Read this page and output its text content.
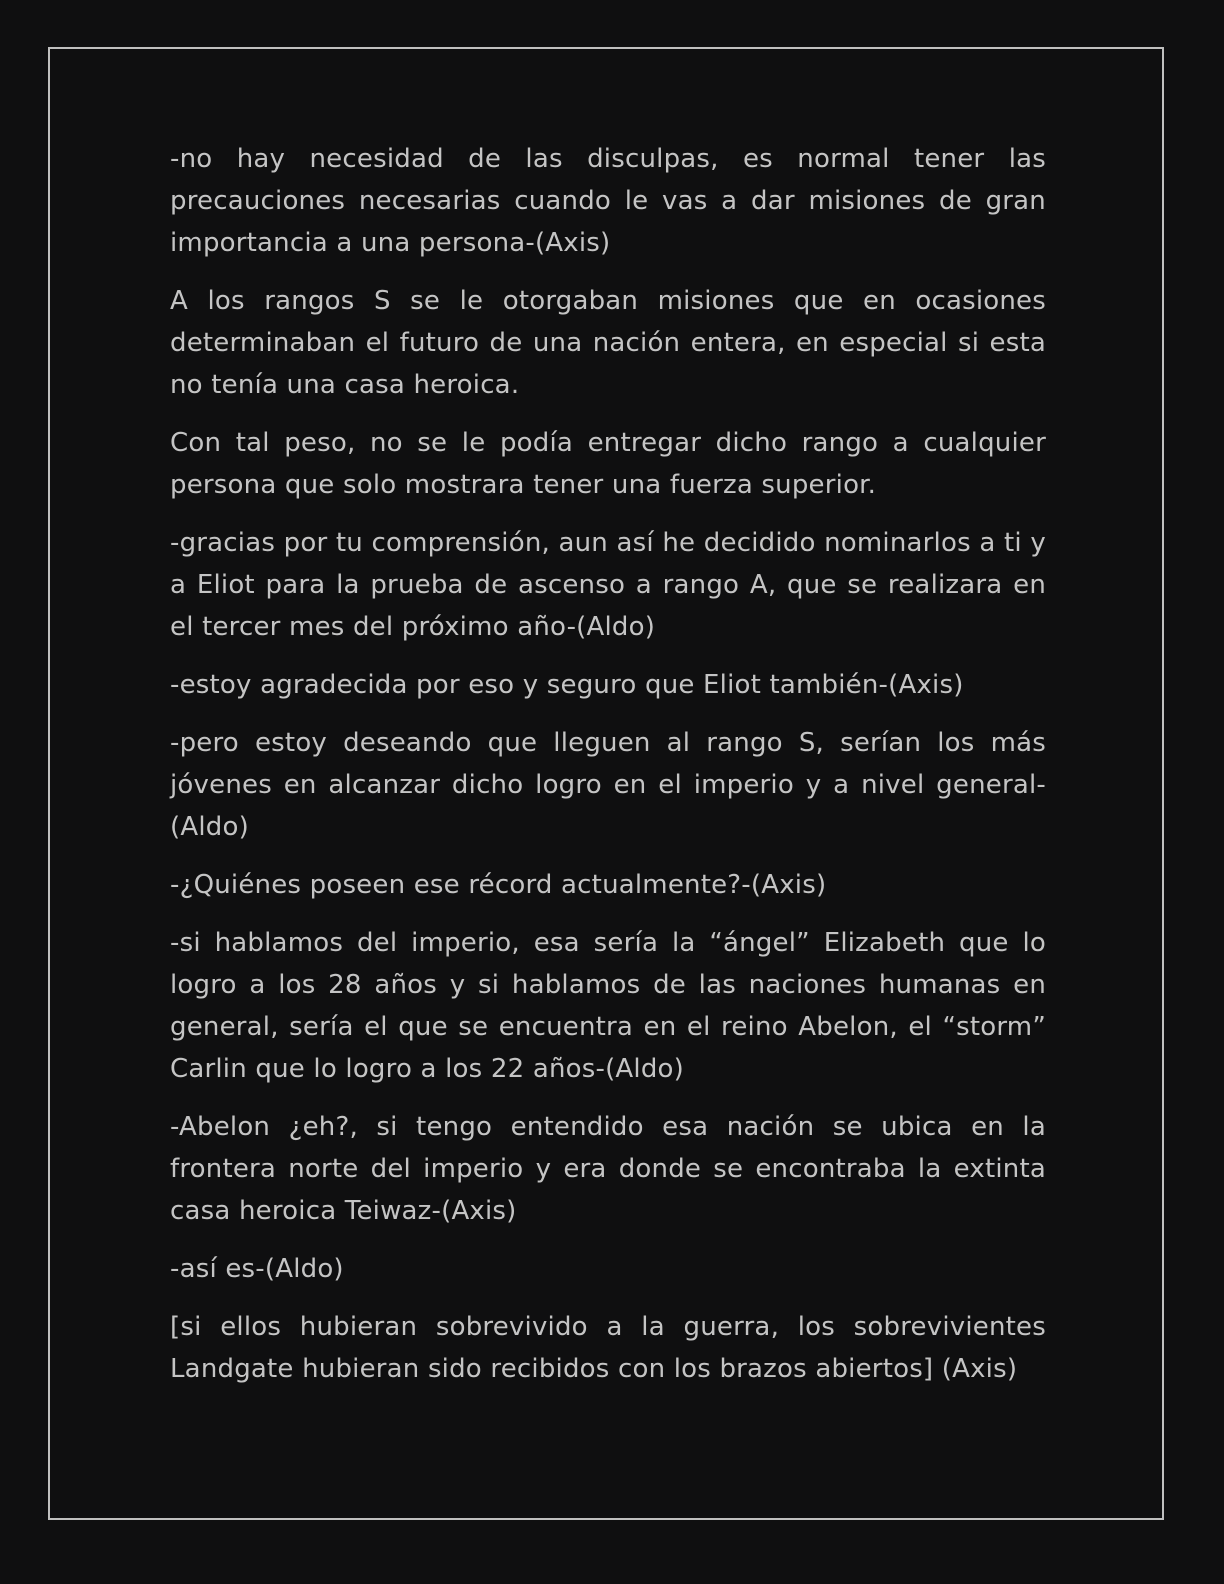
-no hay necesidad de las disculpas, es normal tener las precauciones necesarias cuando le vas a dar misiones de gran importancia a una persona-(Axis)

A los rangos S se le otorgaban misiones que en ocasiones determinaban el futuro de una nación entera, en especial si esta no tenía una casa heroica.

Con tal peso, no se le podía entregar dicho rango a cualquier persona que solo mostrara tener una fuerza superior.

-gracias por tu comprensión, aun así he decidido nominarlos a ti y a Eliot para la prueba de ascenso a rango A, que se realizara en el tercer mes del próximo año-(Aldo)

-estoy agradecida por eso y seguro que Eliot también-(Axis)

-pero estoy deseando que lleguen al rango S, serían los más jóvenes en alcanzar dicho logro en el imperio y a nivel general-(Aldo)

-¿Quiénes poseen ese récord actualmente?-(Axis)

-si hablamos del imperio, esa sería la “ángel” Elizabeth que lo logro a los 28 años y si hablamos de las naciones humanas en general, sería el que se encuentra en el reino Abelon, el “storm” Carlin que lo logro a los 22 años-(Aldo)

-Abelon ¿eh?, si tengo entendido esa nación se ubica en la frontera norte del imperio y era donde se encontraba la extinta casa heroica Teiwaz-(Axis)

-así es-(Aldo)

[si ellos hubieran sobrevivido a la guerra, los sobrevivientes Landgate hubieran sido recibidos con los brazos abiertos] (Axis)
